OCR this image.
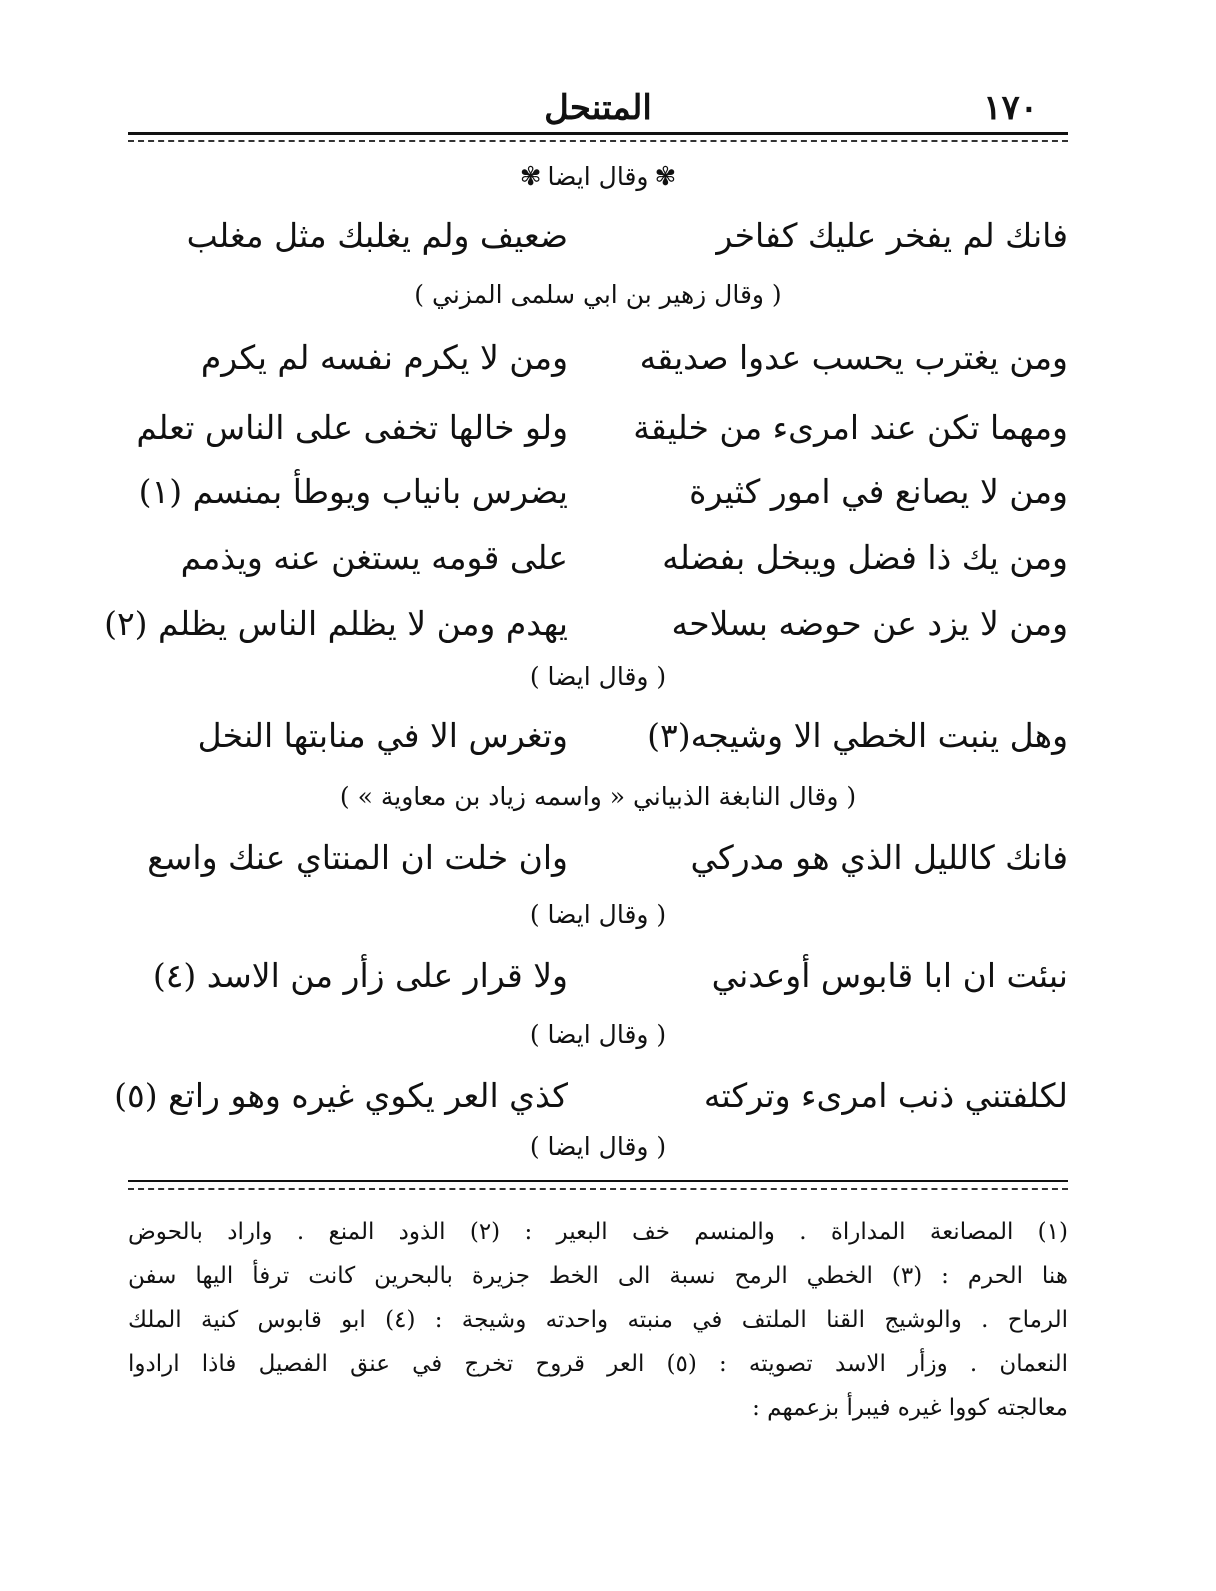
١٧٠
المتنحل
✾وقال ايضا✾
فانك لم يفخر عليك كفاخر
ضعيف ولم يغلبك مثل مغلب
( وقال زهير بن ابي سلمى المزني )
ومن يغترب يحسب عدوا صديقه
ومن لا يكرم نفسه لم يكرم
ومهما تكن عند امرىء من خليقة
ولو خالها تخفى على الناس تعلم
ومن لا يصانع في امور كثيرة
يضرس بانياب ويوطأ بمنسم (١)
ومن يك ذا فضل ويبخل بفضله
على قومه يستغن عنه ويذمم
ومن لا يزد عن حوضه بسلاحه
يهدم ومن لا يظلم الناس يظلم (٢)
( وقال ايضا )
وهل ينبت الخطي الا وشيجه(٣)
وتغرس الا في منابتها النخل
( وقال النابغة الذبياني « واسمه زياد بن معاوية » )
فانك كالليل الذي هو مدركي
وان خلت ان المنتاي عنك واسع
( وقال ايضا )
نبئت ان ابا قابوس أوعدني
ولا قرار على زأر من الاسد (٤)
( وقال ايضا )
لكلفتني ذنب امرىء وتركته
كذي العر يكوي غيره وهو راتع (٥)
( وقال ايضا )
(١) المصانعة المداراة . والمنسم خف البعير : (٢) الذود المنع . واراد بالحوض
هنا الحرم : (٣) الخطي الرمح نسبة الى الخط جزيرة بالبحرين كانت ترفأ اليها سفن
الرماح . والوشيج القنا الملتف في منبته واحدته وشيجة : (٤) ابو قابوس كنية الملك
النعمان . وزأر الاسد تصويته : (٥) العر قروح تخرج في عنق الفصيل فاذا ارادوا
معالجته كووا غيره فيبرأ بزعمهم :
